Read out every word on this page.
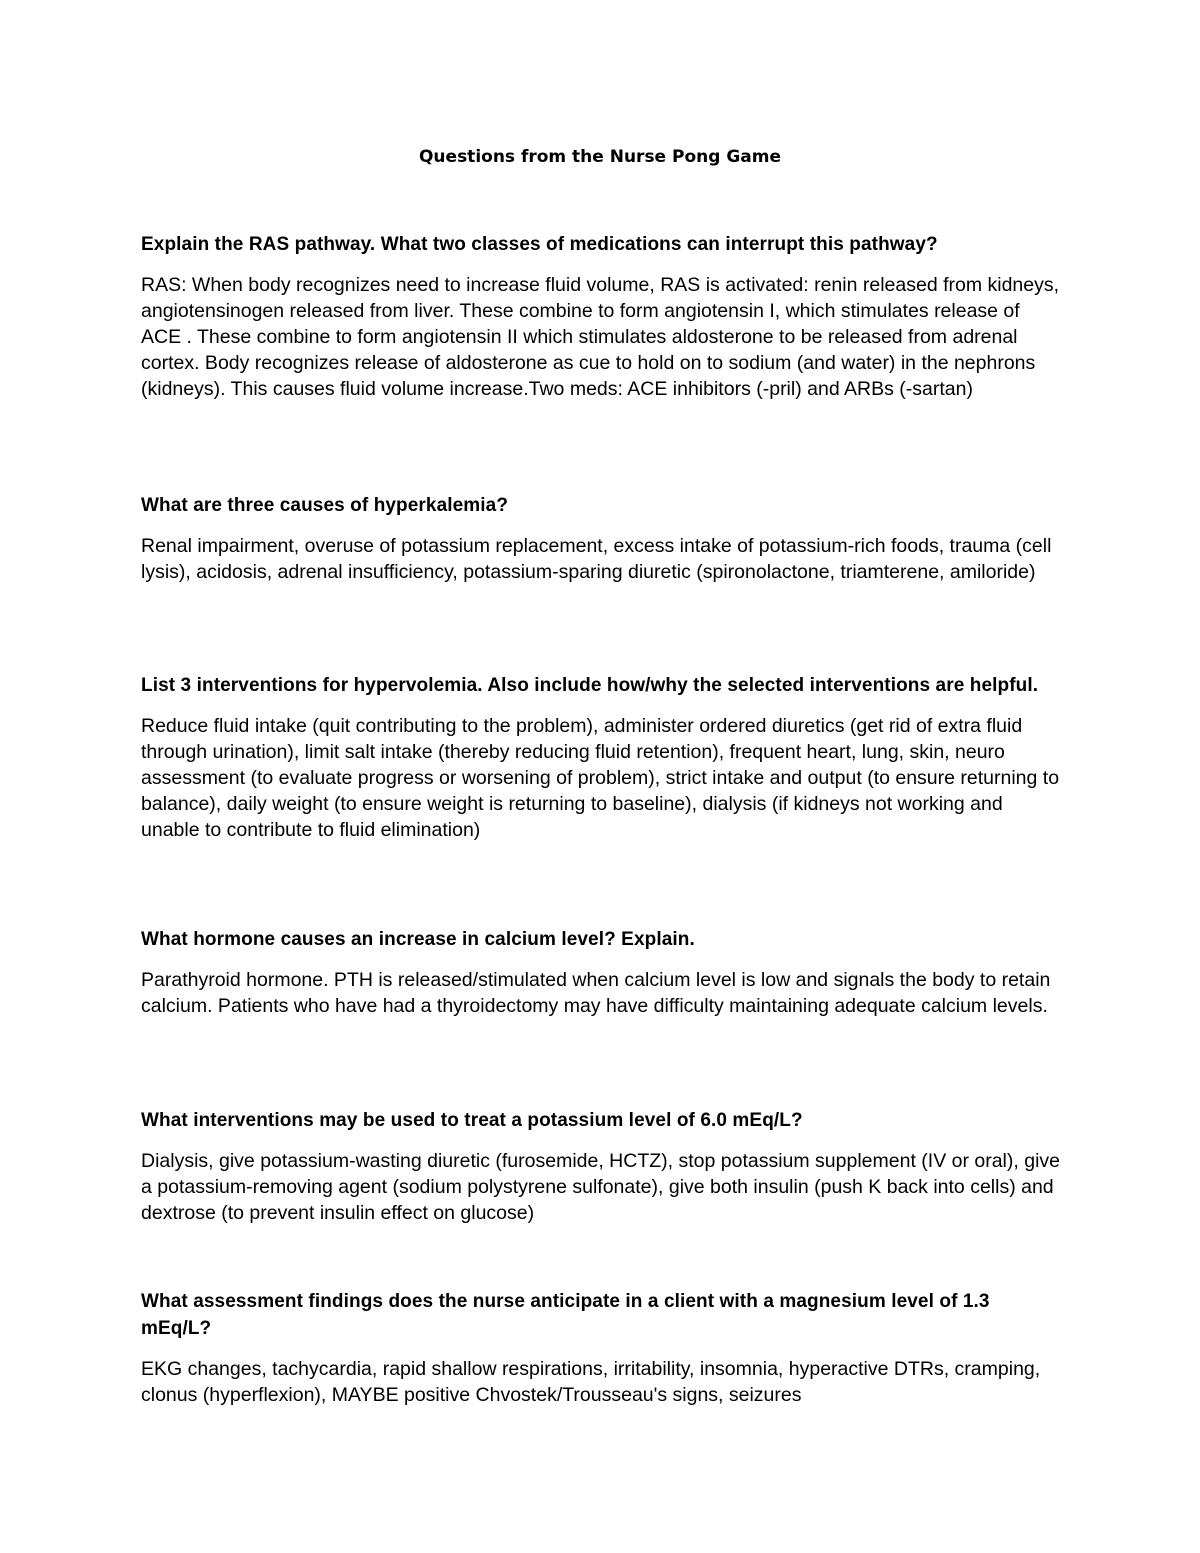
Questions from the Nurse Pong Game
Explain the RAS pathway. What two classes of medications can interrupt this pathway?

RAS: When body recognizes need to increase fluid volume, RAS is activated: renin released from kidneys, angiotensinogen released from liver. These combine to form angiotensin I, which stimulates release of ACE . These combine to form angiotensin II which stimulates aldosterone to be released from adrenal cortex. Body recognizes release of aldosterone as cue to hold on to sodium (and water) in the nephrons (kidneys). This causes fluid volume increase.Two meds: ACE inhibitors (-pril) and ARBs (-sartan)

What are three causes of hyperkalemia?

Renal impairment, overuse of potassium replacement, excess intake of potassium-rich foods, trauma (cell lysis), acidosis, adrenal insufficiency, potassium-sparing diuretic (spironolactone, triamterene, amiloride)

List 3 interventions for hypervolemia. Also include how/why the selected interventions are helpful.

Reduce fluid intake (quit contributing to the problem), administer ordered diuretics (get rid of extra fluid through urination), limit salt intake (thereby reducing fluid retention), frequent heart, lung, skin, neuro assessment (to evaluate progress or worsening of problem), strict intake and output (to ensure returning to balance), daily weight (to ensure weight is returning to baseline), dialysis (if kidneys not working and unable to contribute to fluid elimination)

What hormone causes an increase in calcium level? Explain.

Parathyroid hormone. PTH is released/stimulated when calcium level is low and signals the body to retain calcium. Patients who have had a thyroidectomy may have difficulty maintaining adequate calcium levels.

What interventions may be used to treat a potassium level of 6.0 mEq/L?

Dialysis, give potassium-wasting diuretic (furosemide, HCTZ), stop potassium supplement (IV or oral), give a potassium-removing agent (sodium polystyrene sulfonate), give both insulin (push K back into cells) and dextrose (to prevent insulin effect on glucose)

What assessment findings does the nurse anticipate in a client with a magnesium level of 1.3 mEq/L?

EKG changes, tachycardia, rapid shallow respirations, irritability, insomnia, hyperactive DTRs, cramping, clonus (hyperflexion), MAYBE positive Chvostek/Trousseau's signs, seizures
